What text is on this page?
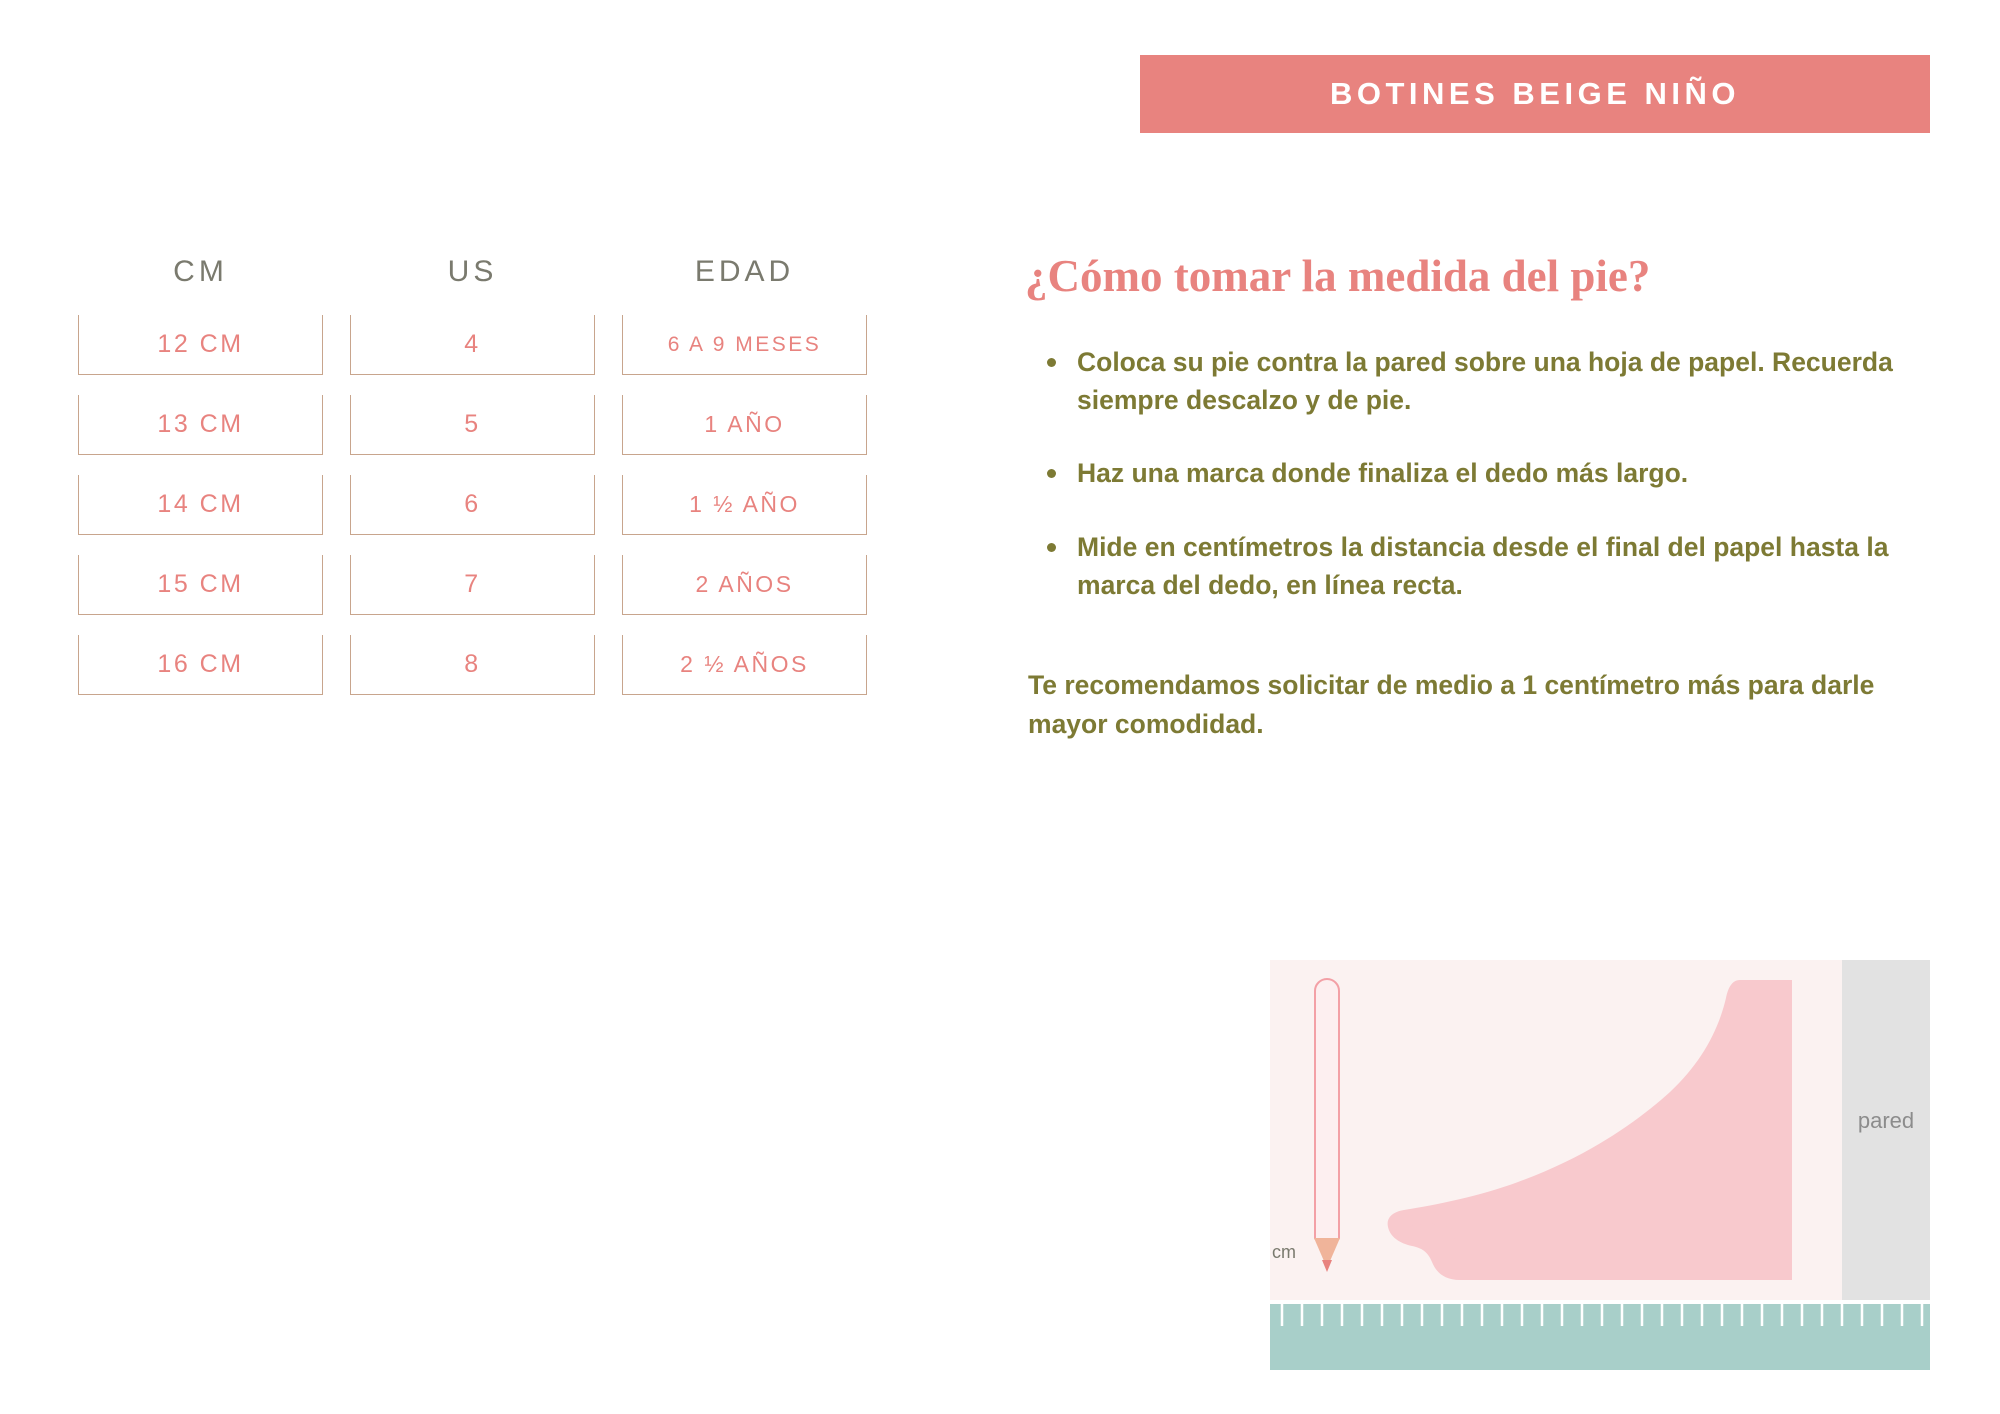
BOTINES BEIGE NIÑO
CM	US	EDAD
12 CM	4	6 A 9 MESES
13 CM	5	1 AÑO
14 CM	6	1 ½ AÑO
15 CM	7	2 AÑOS
16 CM	8	2 ½ AÑOS
¿Cómo tomar la medida del pie?
Coloca su pie contra la pared sobre una hoja de papel. Recuerda siempre descalzo y de pie.
Haz una marca donde finaliza el dedo más largo.
Mide en centímetros la distancia desde el final del papel hasta la marca del dedo, en línea recta.

Te recomendamos solicitar de medio a 1 centímetro más para darle mayor comodidad.

pared
cm
